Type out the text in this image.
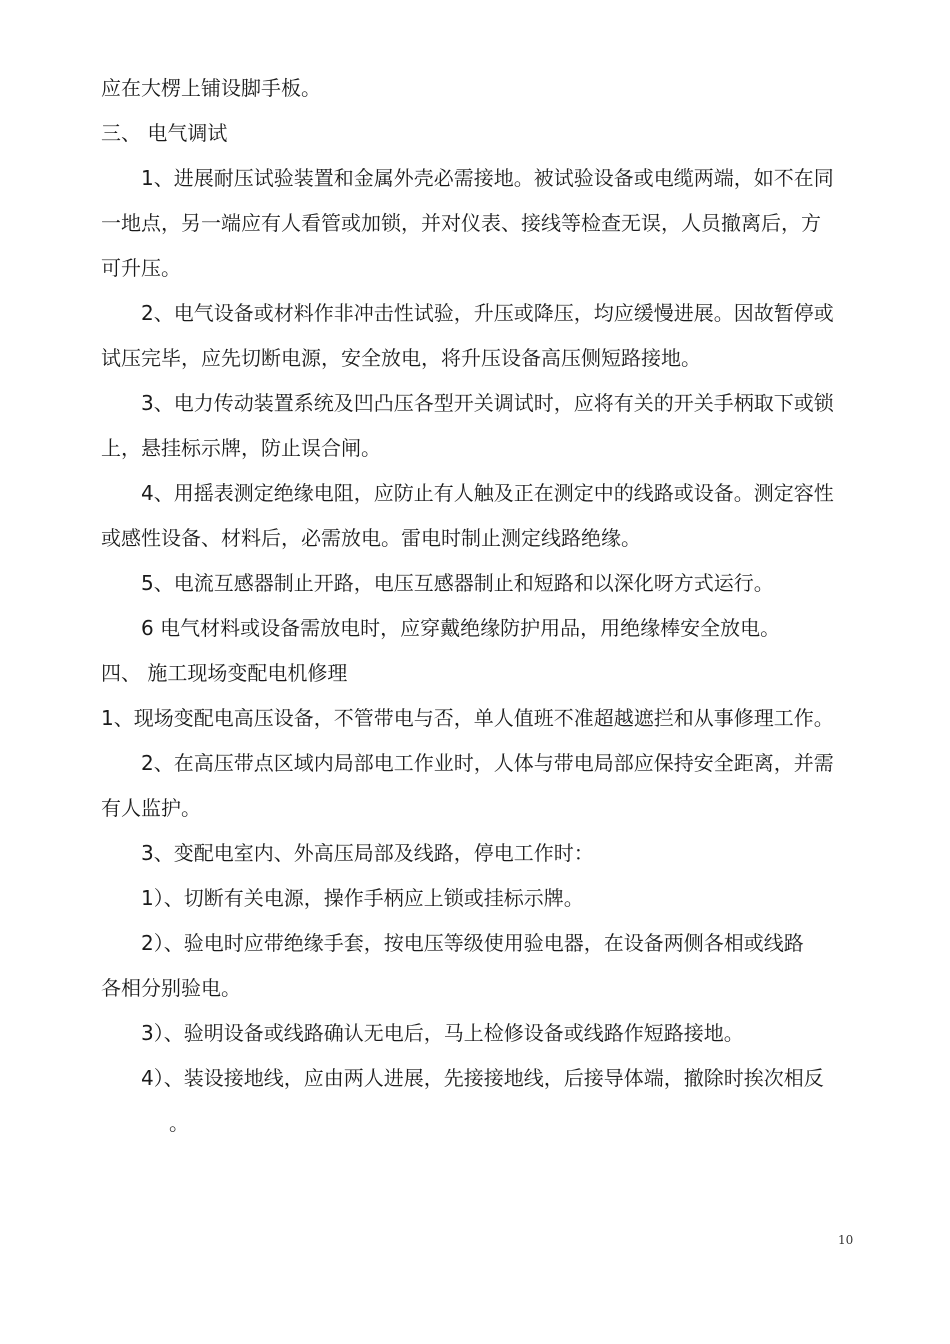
应在大楞上铺设脚手板。
三、 电气调试
1、进展耐压试验装置和金属外壳必需接地。被试验设备或电缆两端，如不在同
一地点，另一端应有人看管或加锁，并对仪表、接线等检查无误，人员撤离后，方
可升压。
2、电气设备或材料作非冲击性试验，升压或降压，均应缓慢进展。因故暂停或
试压完毕，应先切断电源，安全放电，将升压设备高压侧短路接地。
3、电力传动装置系统及凹凸压各型开关调试时，应将有关的开关手柄取下或锁
上，悬挂标示牌，防止误合闸。
4、用摇表测定绝缘电阻，应防止有人触及正在测定中的线路或设备。测定容性
或感性设备、材料后，必需放电。雷电时制止测定线路绝缘。
5、电流互感器制止开路，电压互感器制止和短路和以深化呀方式运行。
6 电气材料或设备需放电时，应穿戴绝缘防护用品，用绝缘棒安全放电。
四、 施工现场变配电机修理
1、现场变配电高压设备，不管带电与否，单人值班不准超越遮拦和从事修理工作。
2、在高压带点区域内局部电工作业时，人体与带电局部应保持安全距离，并需
有人监护。
3、变配电室内、外高压局部及线路，停电工作时：
1）、切断有关电源，操作手柄应上锁或挂标示牌。
2）、验电时应带绝缘手套，按电压等级使用验电器，在设备两侧各相或线路
各相分别验电。
3）、验明设备或线路确认无电后，马上检修设备或线路作短路接地。
4）、装设接地线，应由两人进展，先接接地线，后接导体端，撤除时挨次相反
。
10
